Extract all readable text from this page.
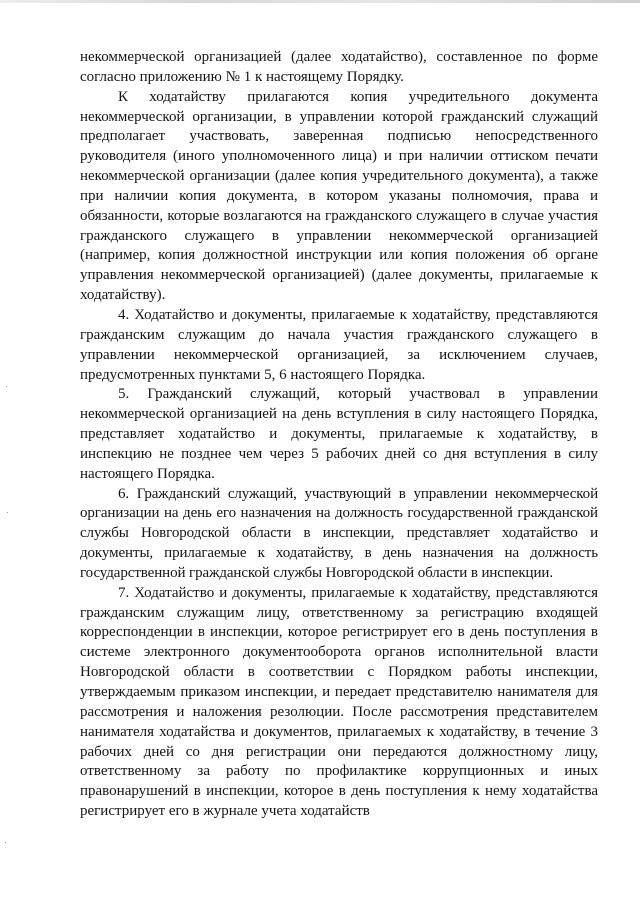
некоммерческой организацией (далее ходатайство), составленное по форме согласно приложению № 1 к настоящему Порядку.

К ходатайству прилагаются копия учредительного документа некоммерческой организации, в управлении которой гражданский служащий предполагает участвовать, заверенная подписью непосредственного руководителя (иного уполномоченного лица) и при наличии оттиском печати некоммерческой организации (далее копия учредительного документа), а также при наличии копия документа, в котором указаны полномочия, права и обязанности, которые возлагаются на гражданского служащего в случае участия гражданского служащего в управлении некоммерческой организацией (например, копия должностной инструкции или копия положения об органе управления некоммерческой организацией) (далее документы, прилагаемые к ходатайству).

4. Ходатайство и документы, прилагаемые к ходатайству, представляются гражданским служащим до начала участия гражданского служащего в управлении некоммерческой организацией, за исключением случаев, предусмотренных пунктами 5, 6 настоящего Порядка.

5. Гражданский служащий, который участвовал в управлении некоммерческой организацией на день вступления в силу настоящего Порядка, представляет ходатайство и документы, прилагаемые к ходатайству, в инспекцию не позднее чем через 5 рабочих дней со дня вступления в силу настоящего Порядка.

6. Гражданский служащий, участвующий в управлении некоммерческой организации на день его назначения на должность государственной гражданской службы Новгородской области в инспекции, представляет ходатайство и документы, прилагаемые к ходатайству, в день назначения на должность государственной гражданской службы Новгородской области в инспекции.

7. Ходатайство и документы, прилагаемые к ходатайству, представляются гражданским служащим лицу, ответственному за регистрацию входящей корреспонденции в инспекции, которое регистрирует его в день поступления в системе электронного документооборота органов исполнительной власти Новгородской области в соответствии с Порядком работы инспекции, утверждаемым приказом инспекции, и передает представителю нанимателя для рассмотрения и наложения резолюции. После рассмотрения представителем нанимателя ходатайства и документов, прилагаемых к ходатайству, в течение 3 рабочих дней со дня регистрации они передаются должностному лицу, ответственному за работу по профилактике коррупционных и иных правонарушений в инспекции, которое в день поступления к нему ходатайства регистрирует его в журнале учета ходатайств
